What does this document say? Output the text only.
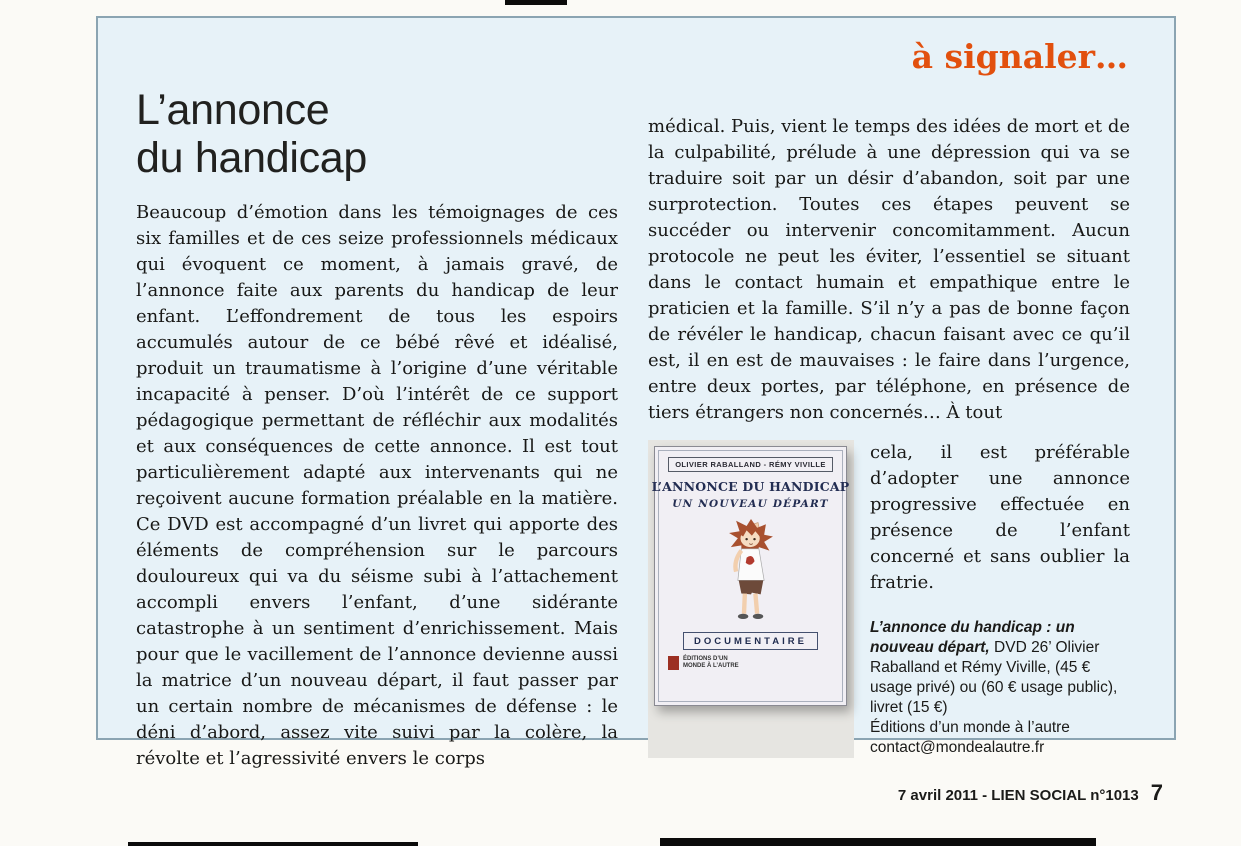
à signaler…
L’annonce
du handicap

Beaucoup d’émotion dans les témoignages de ces six familles et de ces seize professionnels médicaux qui évoquent ce moment, à jamais gravé, de l’annonce faite aux parents du handicap de leur enfant. L’effondrement de tous les espoirs accumulés autour de ce bébé rêvé et idéalisé, produit un traumatisme à l’origine d’une véritable incapacité à penser. D’où l’intérêt de ce support pédagogique permettant de réfléchir aux modalités et aux conséquences de cette annonce. Il est tout particulièrement adapté aux intervenants qui ne reçoivent aucune formation préalable en la matière. Ce DVD est accompagné d’un livret qui apporte des éléments de compréhension sur le parcours douloureux qui va du séisme subi à l’attachement accompli envers l’enfant, d’une sidérante catastrophe à un sentiment d’enrichissement. Mais pour que le vacillement de l’annonce devienne aussi la matrice d’un nouveau départ, il faut passer par un certain nombre de mécanismes de défense : le déni d’abord, assez vite suivi par la colère, la révolte et l’agressivité envers le corps

médical. Puis, vient le temps des idées de mort et de la culpabilité, prélude à une dépression qui va se traduire soit par un désir d’abandon, soit par une surprotection. Toutes ces étapes peuvent se succéder ou intervenir concomitamment. Aucun protocole ne peut les éviter, l’essentiel se situant dans le contact humain et empathique entre le praticien et la famille. S’il n’y a pas de bonne façon de révéler le handicap, chacun faisant avec ce qu’il est, il en est de mauvaises : le faire dans l’urgence, entre deux portes, par téléphone, en présence de tiers étrangers non concernés… À tout

OLIVIER RABALLAND - RÉMY VIVILLE
L’ANNONCE DU HANDICAP
UN NOUVEAU DÉPART
DOCUMENTAIRE
ÉDITIONS D’UN MONDE À L’AUTRE

cela, il est préférable d’adopter une annonce progressive effectuée en présence de l’enfant concerné et sans oublier la fratrie.

L’annonce du handicap : un nouveau départ, DVD 26’ Olivier Raballand et Rémy Viville, (45 € usage privé) ou (60 € usage public), livret (15 €)

Éditions d’un monde à l’autre

contact@mondealautre.fr

7 avril 2011 - LIEN SOCIAL n°1013 7
